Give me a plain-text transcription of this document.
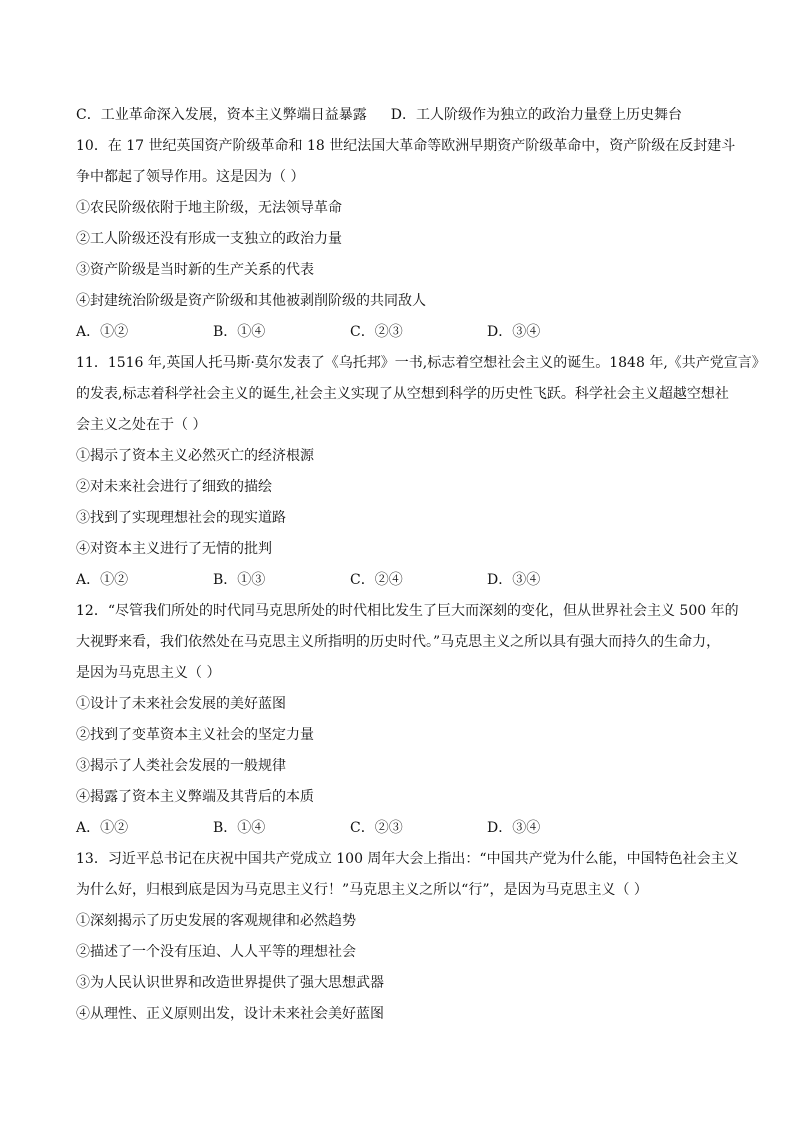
C．工业革命深入发展，资本主义弊端日益暴露 D．工人阶级作为独立的政治力量登上历史舞台
10．在 17 世纪英国资产阶级革命和 18 世纪法国大革命等欧洲早期资产阶级革命中，资产阶级在反封建斗
争中都起了领导作用。这是因为（ ）
①农民阶级依附于地主阶级，无法领导革命
②工人阶级还没有形成一支独立的政治力量
③资产阶级是当时新的生产关系的代表
④封建统治阶级是资产阶级和其他被剥削阶级的共同敌人
A．①②	B．①④	C．②③	D．③④
11．1516 年,英国人托马斯·莫尔发表了《乌托邦》一书,标志着空想社会主义的诞生。1848 年,《共产党宣言》
的发表,标志着科学社会主义的诞生,社会主义实现了从空想到科学的历史性飞跃。科学社会主义超越空想社
会主义之处在于（ ）
①揭示了资本主义必然灭亡的经济根源
②对未来社会进行了细致的描绘
③找到了实现理想社会的现实道路
④对资本主义进行了无情的批判
A．①②	B．①③	C．②④	D．③④
12．“尽管我们所处的时代同马克思所处的时代相比发生了巨大而深刻的变化，但从世界社会主义 500 年的
大视野来看，我们依然处在马克思主义所指明的历史时代。”马克思主义之所以具有强大而持久的生命力，
是因为马克思主义（ ）
①设计了未来社会发展的美好蓝图
②找到了变革资本主义社会的坚定力量
③揭示了人类社会发展的一般规律
④揭露了资本主义弊端及其背后的本质
A．①②	B．①④	C．②③	D．③④
13．习近平总书记在庆祝中国共产党成立 100 周年大会上指出：“中国共产党为什么能，中国特色社会主义
为什么好，归根到底是因为马克思主义行！”马克思主义之所以“行”，是因为马克思主义（ ）
①深刻揭示了历史发展的客观规律和必然趋势
②描述了一个没有压迫、人人平等的理想社会
③为人民认识世界和改造世界提供了强大思想武器
④从理性、正义原则出发，设计未来社会美好蓝图
